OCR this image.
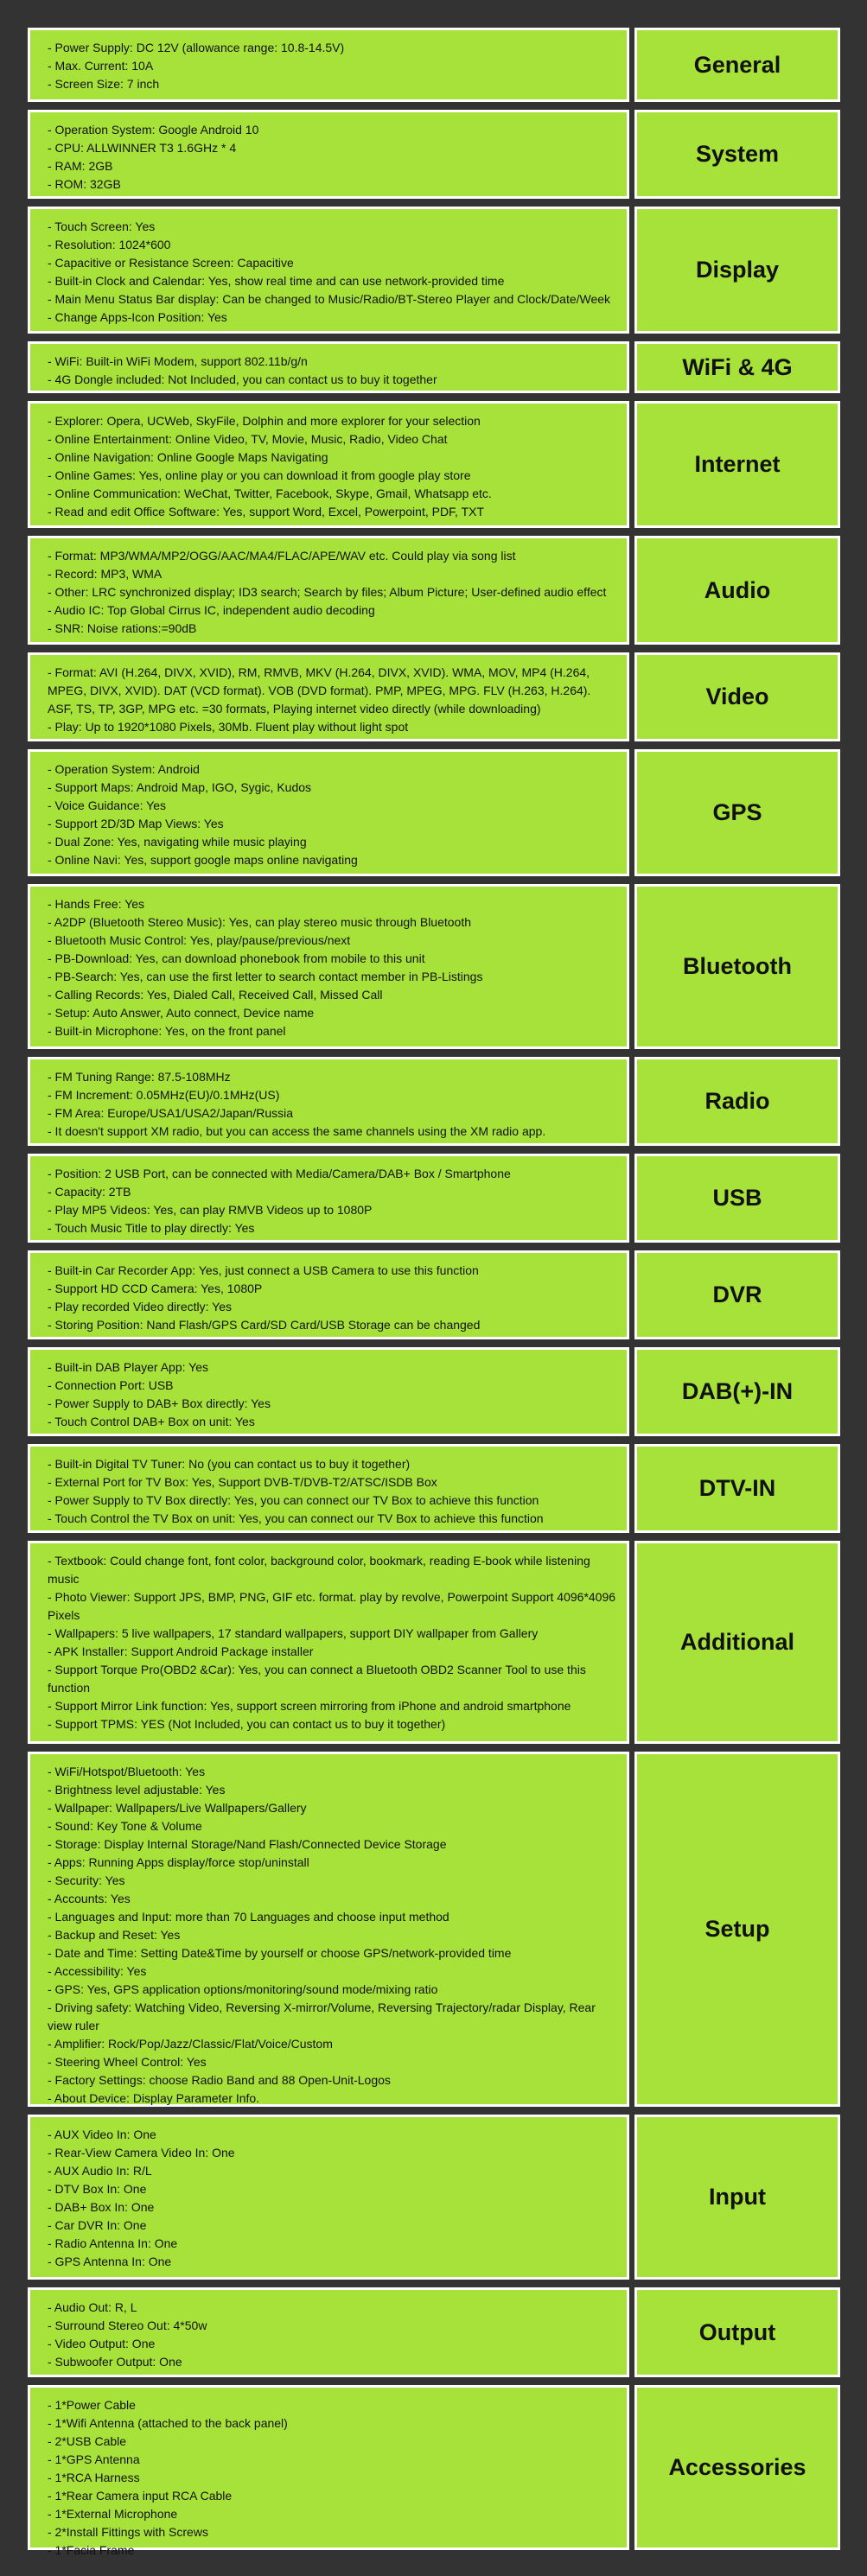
- Power Supply: DC 12V (allowance range: 10.8-14.5V)
- Max. Current: 10A
- Screen Size: 7 inch
General
- Operation System: Google Android 10
- CPU: ALLWINNER T3 1.6GHz * 4
- RAM: 2GB
- ROM: 32GB
System
- Touch Screen: Yes
- Resolution: 1024*600
- Capacitive or Resistance Screen: Capacitive
- Built-in Clock and Calendar: Yes, show real time and can use network-provided time
- Main Menu Status Bar display: Can be changed to Music/Radio/BT-Stereo Player and Clock/Date/Week
- Change Apps-Icon Position: Yes
Display
- WiFi: Built-in WiFi Modem, support 802.11b/g/n
- 4G Dongle included: Not Included, you can contact us to buy it together	WiFi & 4G
- Explorer: Opera, UCWeb, SkyFile, Dolphin and more explorer for your selection
- Online Entertainment: Online Video, TV, Movie, Music, Radio, Video Chat
- Online Navigation: Online Google Maps Navigating
- Online Games: Yes, online play or you can download it from google play store
- Online Communication: WeChat, Twitter, Facebook, Skype, Gmail, Whatsapp etc.
- Read and edit Office Software: Yes, support Word, Excel, Powerpoint, PDF, TXT
Internet
- Format: MP3/WMA/MP2/OGG/AAC/MA4/FLAC/APE/WAV etc. Could play via song list
- Record: MP3, WMA
- Other: LRC synchronized display; ID3 search; Search by files; Album Picture; User-defined audio effect
- Audio IC: Top Global Cirrus IC, independent audio decoding
- SNR: Noise rations:=90dB
Audio
- Format: AVI (H.264, DIVX, XVID), RM, RMVB, MKV (H.264, DIVX, XVID). WMA, MOV, MP4 (H.264, MPEG, DIVX, XVID). DAT (VCD format). VOB (DVD format). PMP, MPEG, MPG. FLV (H.263, H.264). ASF, TS, TP, 3GP, MPG etc. =30 formats, Playing internet video directly (while downloading)
- Play: Up to 1920*1080 Pixels, 30Mb. Fluent play without light spot
Video
- Operation System: Android
- Support Maps: Android Map, IGO, Sygic, Kudos
- Voice Guidance: Yes
- Support 2D/3D Map Views: Yes
- Dual Zone: Yes, navigating while music playing
- Online Navi: Yes, support google maps online navigating
GPS
- Hands Free: Yes
- A2DP (Bluetooth Stereo Music): Yes, can play stereo music through Bluetooth
- Bluetooth Music Control: Yes, play/pause/previous/next
- PB-Download: Yes, can download phonebook from mobile to this unit
- PB-Search: Yes, can use the first letter to search contact member in PB-Listings
- Calling Records: Yes, Dialed Call, Received Call, Missed Call
- Setup: Auto Answer, Auto connect, Device name
- Built-in Microphone: Yes, on the front panel
Bluetooth
- FM Tuning Range: 87.5-108MHz
- FM Increment: 0.05MHz(EU)/0.1MHz(US)
- FM Area: Europe/USA1/USA2/Japan/Russia
- It doesn't support XM radio, but you can access the same channels using the XM radio app.
Radio
- Position: 2 USB Port, can be connected with Media/Camera/DAB+ Box / Smartphone
- Capacity: 2TB
- Play MP5 Videos: Yes, can play RMVB Videos up to 1080P
- Touch Music Title to play directly: Yes
USB
- Built-in Car Recorder App: Yes, just connect a USB Camera to use this function
- Support HD CCD Camera: Yes, 1080P
- Play recorded Video directly: Yes
- Storing Position: Nand Flash/GPS Card/SD Card/USB Storage can be changed
DVR
- Built-in DAB Player App: Yes
- Connection Port: USB
- Power Supply to DAB+ Box directly: Yes
- Touch Control DAB+ Box on unit: Yes
DAB(+)-IN
- Built-in Digital TV Tuner: No (you can contact us to buy it together)
- External Port for TV Box: Yes, Support DVB-T/DVB-T2/ATSC/ISDB Box
- Power Supply to TV Box directly: Yes, you can connect our TV Box to achieve this function
- Touch Control the TV Box on unit: Yes, you can connect our TV Box to achieve this function
DTV-IN
- Textbook: Could change font, font color, background color, bookmark, reading E-book while listening music
- Photo Viewer: Support JPS, BMP, PNG, GIF etc. format. play by revolve, Powerpoint Support 4096*4096 Pixels
- Wallpapers: 5 live wallpapers, 17 standard wallpapers, support DIY wallpaper from Gallery
- APK Installer: Support Android Package installer
- Support Torque Pro(OBD2 &Car): Yes, you can connect a Bluetooth OBD2 Scanner Tool to use this function
- Support Mirror Link function: Yes, support screen mirroring from iPhone and android smartphone
- Support TPMS: YES (Not Included, you can contact us to buy it together)
Additional
- WiFi/Hotspot/Bluetooth: Yes
- Brightness level adjustable: Yes
- Wallpaper: Wallpapers/Live Wallpapers/Gallery
- Sound: Key Tone & Volume
- Storage: Display Internal Storage/Nand Flash/Connected Device Storage
- Apps: Running Apps display/force stop/uninstall
- Security: Yes
- Accounts: Yes
- Languages and Input: more than 70 Languages and choose input method
- Backup and Reset: Yes
- Date and Time: Setting Date&Time by yourself or choose GPS/network-provided time
- Accessibility: Yes
- GPS: Yes, GPS application options/monitoring/sound mode/mixing ratio
- Driving safety: Watching Video, Reversing X-mirror/Volume, Reversing Trajectory/radar Display, Rear view ruler
- Amplifier: Rock/Pop/Jazz/Classic/Flat/Voice/Custom
- Steering Wheel Control: Yes
- Factory Settings: choose Radio Band and 88 Open-Unit-Logos
- About Device: Display Parameter Info.
Setup
- AUX Video In: One
- Rear-View Camera Video In: One
- AUX Audio In: R/L
- DTV Box In: One
- DAB+ Box In: One
- Car DVR In: One
- Radio Antenna In: One
- GPS Antenna In: One
Input
- Audio Out: R, L
- Surround Stereo Out: 4*50w
- Video Output: One
- Subwoofer Output: One
Output
- 1*Power Cable
- 1*Wifi Antenna (attached to the back panel)
- 2*USB Cable
- 1*GPS Antenna
- 1*RCA Harness
- 1*Rear Camera input RCA Cable
- 1*External Microphone
- 2*Install Fittings with Screws
- 1*Facia Frame
Accessories
